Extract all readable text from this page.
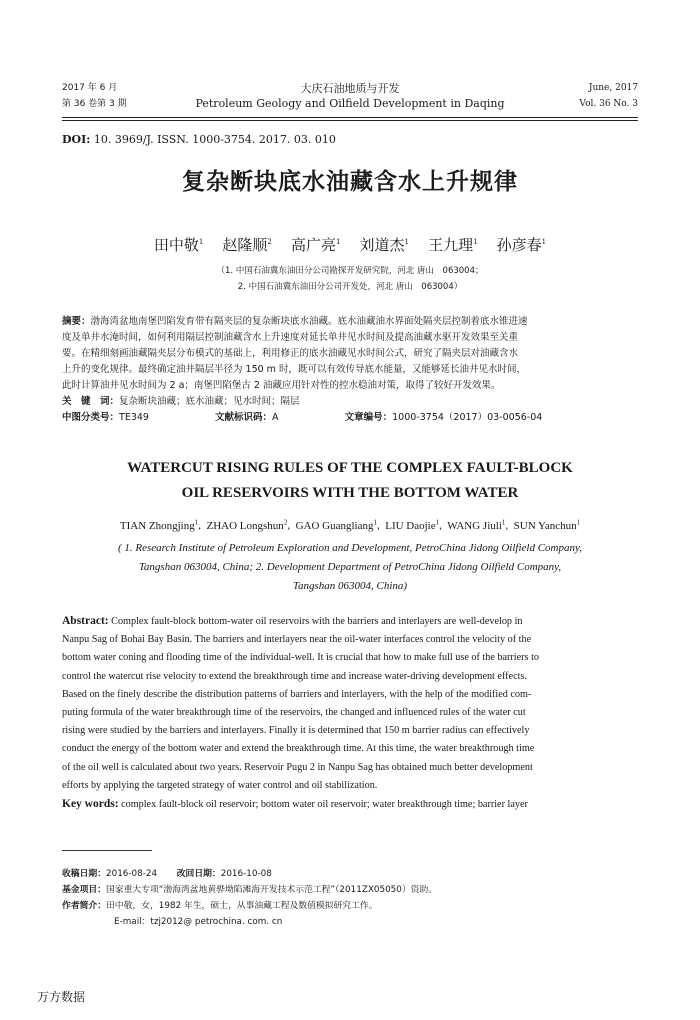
2017 年 6 月
第 36 卷第 3 期
大庆石油地质与开发
Petroleum Geology and Oilfield Development in Daqing
June, 2017
Vol. 36 No. 3
DOI: 10. 3969/J. ISSN. 1000-3754. 2017. 03. 010
复杂断块底水油藏含水上升规律
田中敬$^1$ 赵隆顺$^2$ 高广亮$^1$ 刘道杰$^1$ 王九理$^1$ 孙彦春$^1$
（1. 中国石油冀东油田分公司勘探开发研究院，河北 唐山　063004；
2. 中国石油冀东油田分公司开发处，河北 唐山　063004）
摘要：渤海湾盆地南堡凹陷发育带有隔夹层的复杂断块底水油藏。底水油藏油水界面处隔夹层控制着底水锥进速
度及单井水淹时间，如何利用隔层控制油藏含水上升速度对延长单井见水时间及提高油藏水驱开发效果至关重
要。在精细刻画油藏隔夹层分布模式的基础上，利用修正的底水油藏见水时间公式，研究了隔夹层对油藏含水
上升的变化规律。最终确定油井隔层半径为 150 m 时，既可以有效传导底水能量，又能够延长油井见水时间，
此时计算油井见水时间为 2 a；南堡凹陷堡古 2 油藏应用针对性的控水稳油对策，取得了较好开发效果。
关　键　词：复杂断块油藏；底水油藏；见水时间；隔层
中图分类号：TE349	文献标识码：A	文章编号：1000-3754（2017）03-0056-04
WATERCUT RISING RULES OF THE COMPLEX FAULT-BLOCK
OIL RESERVOIRS WITH THE BOTTOM WATER
TIAN Zhongjing$^1$,  ZHAO Longshun$^2$,  GAO Guangliang$^1$,  LIU Daojie$^1$,  WANG Jiuli$^1$,  SUN Yanchun$^1$
( 1. Research Institute of Petroleum Exploration and Development, PetroChina Jidong Oilfield Company,
Tangshan 063004, China; 2. Development Department of PetroChina Jidong Oilfield Company,
Tangshan 063004, China)
Abstract: Complex fault-block bottom-water oil reservoirs with the barriers and interlayers are well-develop in
Nanpu Sag of Bohai Bay Basin. The barriers and interlayers near the oil-water interfaces control the velocity of the
bottom water coning and flooding time of the individual-well. It is crucial that how to make full use of the barriers to
control the watercut rise velocity to extend the breakthrough time and increase water-driving development effects.
Based on the finely describe the distribution patterns of barriers and interlayers, with the help of the modified com-
puting formula of the water breakthrough time of the reservoirs, the changed and influenced rules of the water cut
rising were studied by the barriers and interlayers. Finally it is determined that 150 m barrier radius can effectively
conduct the energy of the bottom water and extend the breakthrough time. At this time, the water breakthrough time
of the oil well is calculated about two years. Reservoir Pugu 2 in Nanpu Sag has obtained much better development
efforts by applying the targeted strategy of water control and oil stabilization.
Key words: complex fault-block oil reservoir; bottom water oil reservoir; water breakthrough time; barrier layer
收稿日期：2016-08-24 改回日期：2016-10-08
基金项目：国家重大专项“渤海湾盆地黄骅坳陷滩海开发技术示范工程”（2011ZX05050）资助。
作者简介：田中敬，女，1982 年生，硕士，从事油藏工程及数值模拟研究工作。
E-mail：tzj2012@ petrochina. com. cn
万方数据
